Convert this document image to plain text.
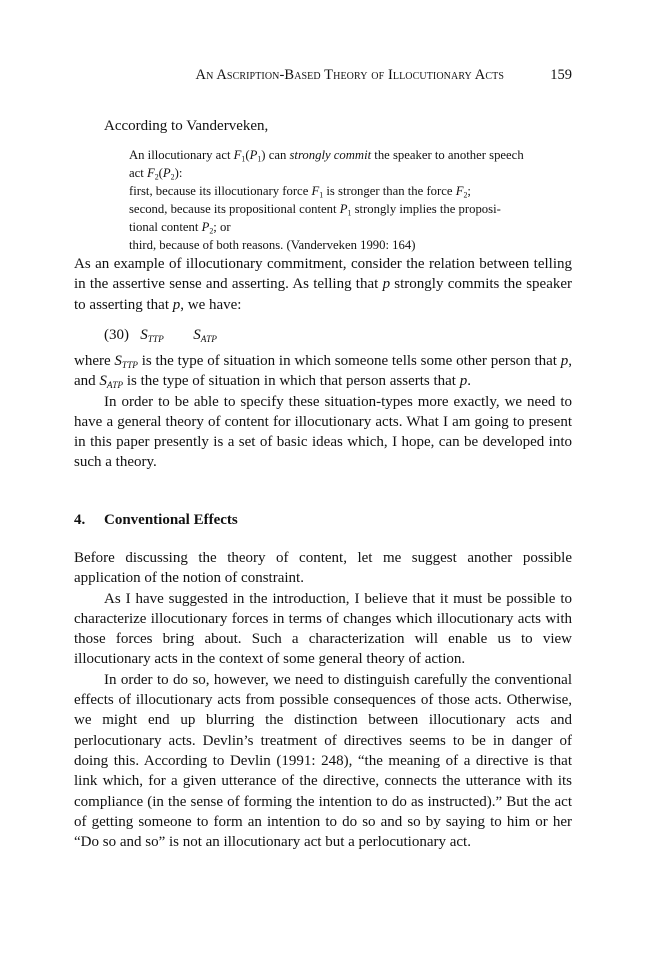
An Ascription-Based Theory of Illocutionary Acts	159
According to Vanderveken,

An illocutionary act $F_1(P_1)$ can strongly commit the speaker to another speech

act $F_2(P_2)$:

first, because its illocutionary force $F_1$ is stronger than the force $F_2$;

second, because its propositional content $P_1$ strongly implies the proposi-

tional content $P_2$; or

third, because of both reasons. (Vanderveken 1990: 164)

As an example of illocutionary commitment, consider the relation between telling in the assertive sense and asserting. As telling that p strongly commits the speaker to asserting that p, we have:

(30) $S_{TTP}$ $S_{ATP}$

where $S_{TTP}$ is the type of situation in which someone tells some other person that p, and $S_{ATP}$ is the type of situation in which that person asserts that p.

In order to be able to specify these situation-types more exactly, we need to have a general theory of content for illocutionary acts. What I am going to present in this paper presently is a set of basic ideas which, I hope, can be developed into such a theory.

4. Conventional Effects

Before discussing the theory of content, let me suggest another possible application of the notion of constraint.

As I have suggested in the introduction, I believe that it must be possible to characterize illocutionary forces in terms of changes which illocutionary acts with those forces bring about. Such a characterization will enable us to view illocutionary acts in the context of some general theory of action.

In order to do so, however, we need to distinguish carefully the conventional effects of illocutionary acts from possible consequences of those acts. Otherwise, we might end up blurring the distinction between illocutionary acts and perlocutionary acts. Devlin’s treatment of directives seems to be in danger of doing this. According to Devlin (1991: 248), “the meaning of a directive is that link which, for a given utterance of the directive, connects the utterance with its compliance (in the sense of forming the intention to do as instructed).” But the act of getting someone to form an intention to do so and so by saying to him or her “Do so and so” is not an illocutionary act but a perlocutionary act.
